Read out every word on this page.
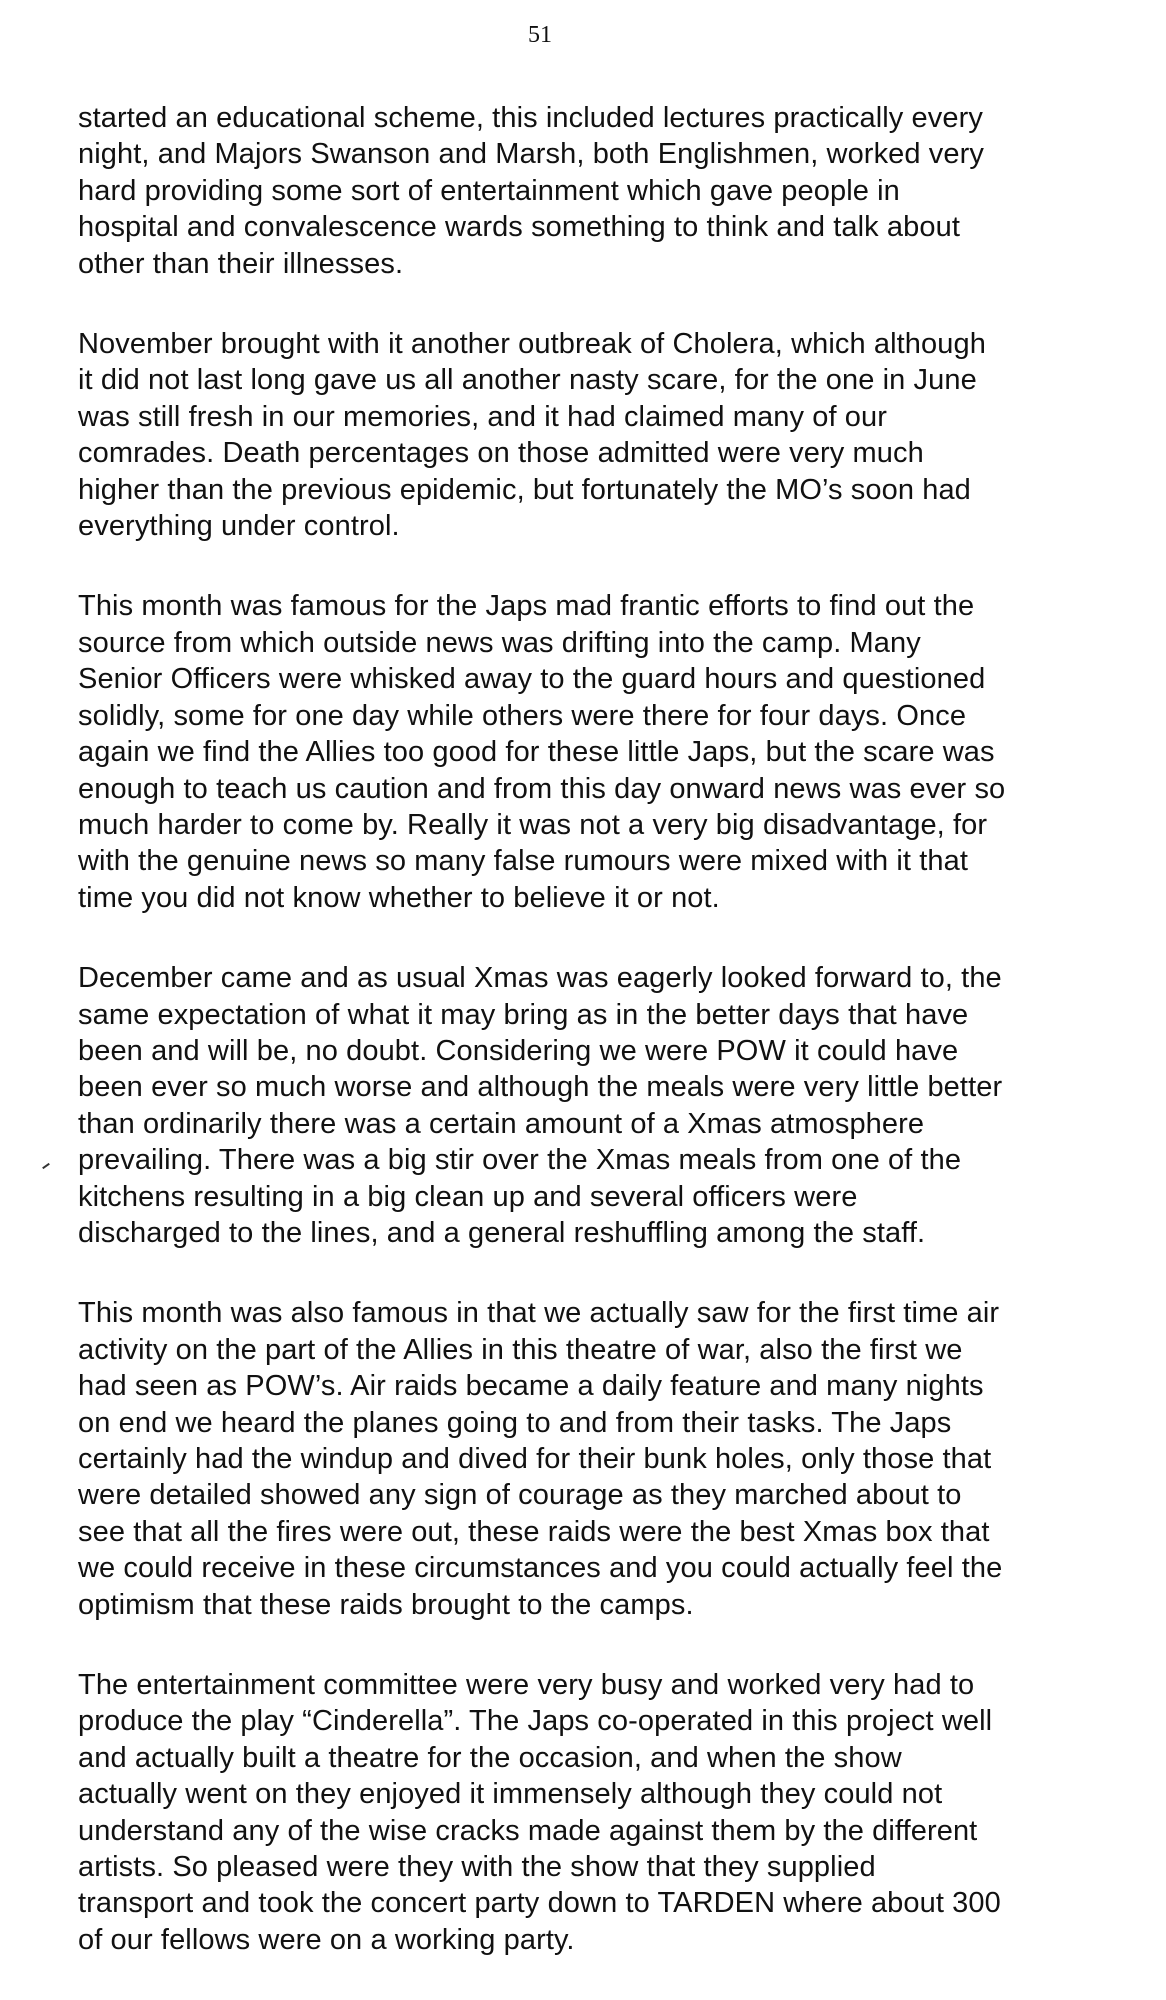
51

started an educational scheme, this included lectures practically every
night, and Majors Swanson and Marsh, both Englishmen, worked very
hard providing some sort of entertainment which gave people in
hospital and convalescence wards something to think and talk about
other than their illnesses.

November brought with it another outbreak of Cholera, which although
it did not last long gave us all another nasty scare, for the one in June
was still fresh in our memories, and it had claimed many of our
comrades. Death percentages on those admitted were very much
higher than the previous epidemic, but fortunately the MO’s soon had
everything under control.

This month was famous for the Japs mad frantic efforts to find out the
source from which outside news was drifting into the camp. Many
Senior Officers were whisked away to the guard hours and questioned
solidly, some for one day while others were there for four days. Once
again we find the Allies too good for these little Japs, but the scare was
enough to teach us caution and from this day onward news was ever so
much harder to come by. Really it was not a very big disadvantage, for
with the genuine news so many false rumours were mixed with it that
time you did not know whether to believe it or not.

December came and as usual Xmas was eagerly looked forward to, the
same expectation of what it may bring as in the better days that have
been and will be, no doubt. Considering we were POW it could have
been ever so much worse and although the meals were very little better
than ordinarily there was a certain amount of a Xmas atmosphere
prevailing. There was a big stir over the Xmas meals from one of the
kitchens resulting in a big clean up and several officers were
discharged to the lines, and a general reshuffling among the staff.

This month was also famous in that we actually saw for the first time air
activity on the part of the Allies in this theatre of war, also the first we
had seen as POW’s. Air raids became a daily feature and many nights
on end we heard the planes going to and from their tasks. The Japs
certainly had the windup and dived for their bunk holes, only those that
were detailed showed any sign of courage as they marched about to
see that all the fires were out, these raids were the best Xmas box that
we could receive in these circumstances and you could actually feel the
optimism that these raids brought to the camps.

The entertainment committee were very busy and worked very had to
produce the play “Cinderella”. The Japs co-operated in this project well
and actually built a theatre for the occasion, and when the show
actually went on they enjoyed it immensely although they could not
understand any of the wise cracks made against them by the different
artists. So pleased were they with the show that they supplied
transport and took the concert party down to TARDEN where about 300
of our fellows were on a working party.
